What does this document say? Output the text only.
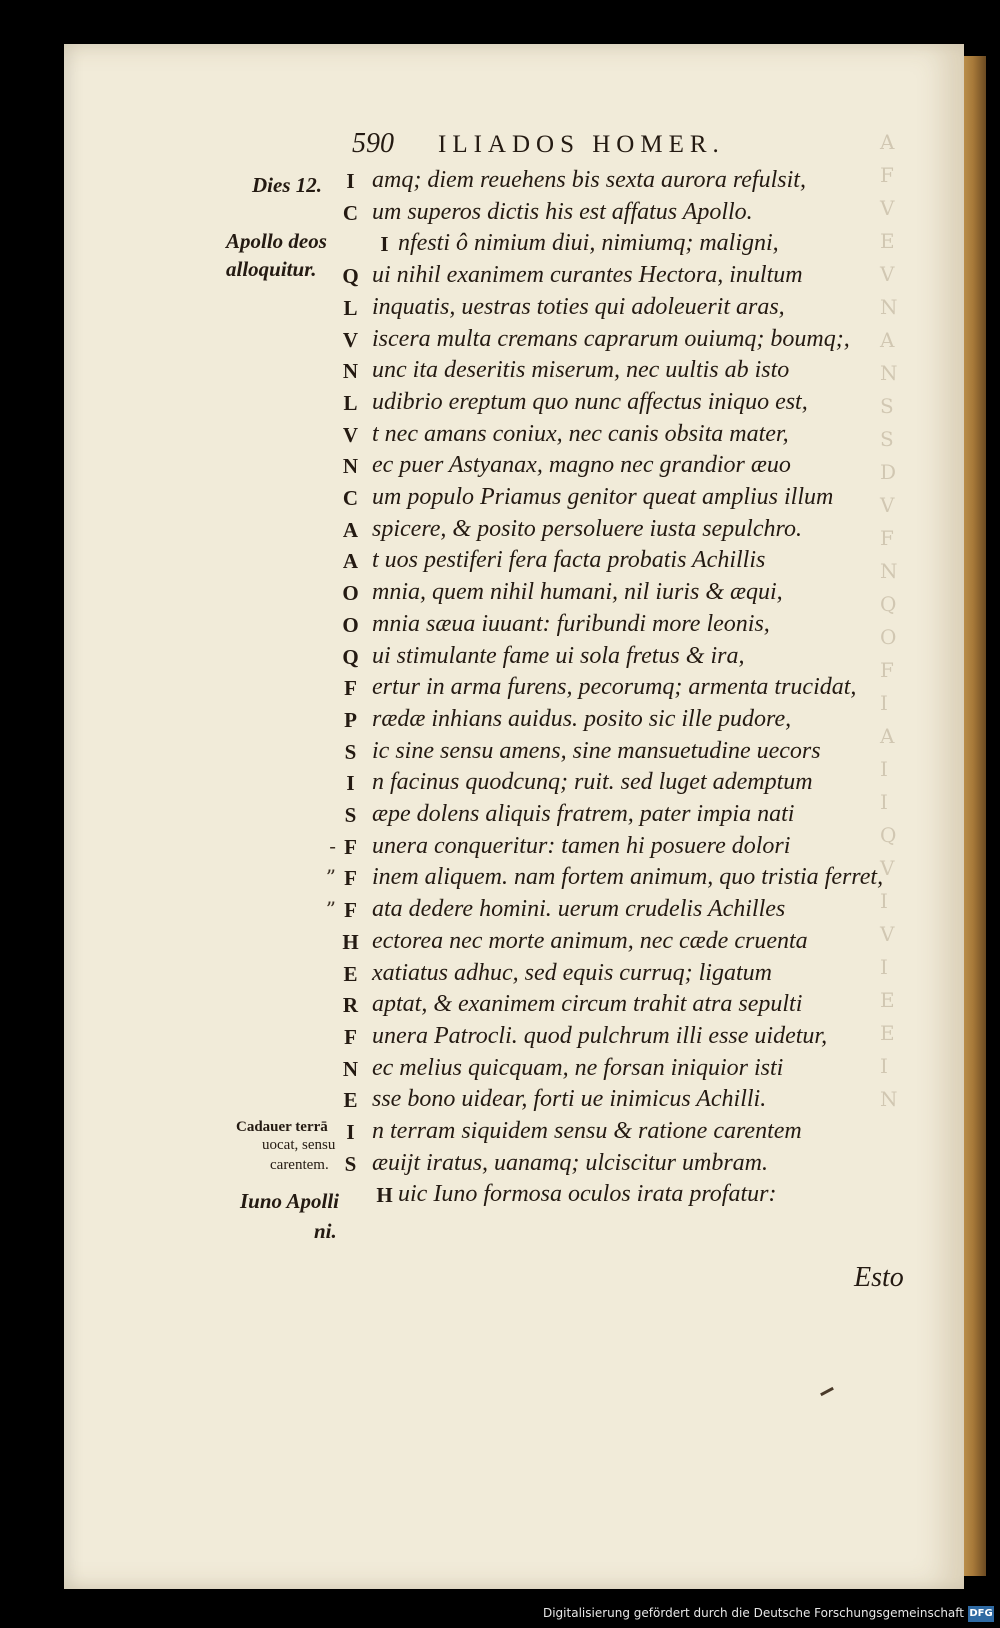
A
F
V
E
V
N
A
N
S
S
D
V
F
N
Q
O
F
I
A
I
I
Q
V
I
V
I
E
E
I
N
590 ILIADOS HOMER.
Dies 12.
Apollo deos
alloquitur.
Cadauer terrā
uocat, sensu
carentem.
Iuno Apolli
ni.
I amq; diem reuehens bis sexta aurora refulsit,
C um superos dictis his est affatus Apollo.
I nfesti ô nimium diui, nimiumq; maligni,
Q ui nihil exanimem curantes Hectora, inultum
L inquatis, uestras toties qui adoleuerit aras,
V iscera multa cremans caprarum ouiumq; boumq;,
N unc ita deseritis miserum, nec uultis ab isto
L udibrio ereptum quo nunc affectus iniquo est,
V t nec amans coniux, nec canis obsita mater,
N ec puer Astyanax, magno nec grandior æuo
C um populo Priamus genitor queat amplius illum
A spicere, & posito persoluere iusta sepulchro.
A t uos pestiferi fera facta probatis Achillis
O mnia, quem nihil humani, nil iuris & æqui,
O mnia sæua iuuant: furibundi more leonis,
Q ui stimulante fame ui sola fretus & ira,
F ertur in arma furens, pecorumq; armenta trucidat,
P rædæ inhians auidus. posito sic ille pudore,
S ic sine sensu amens, sine mansuetudine uecors
I n facinus quodcunq; ruit. sed luget ademptum
S æpe dolens aliquis fratrem, pater impia nati
- F unera conqueritur: tamen hi posuere dolori
” F inem aliquem. nam fortem animum, quo tristia ferret,
” F ata dedere homini. uerum crudelis Achilles
H ectorea nec morte animum, nec cæde cruenta
E xatiatus adhuc, sed equis curruq; ligatum
R aptat, & exanimem circum trahit atra sepulti
F unera Patrocli. quod pulchrum illi esse uidetur,
N ec melius quicquam, ne forsan iniquior isti
E sse bono uidear, forti ue inimicus Achilli.
I n terram siquidem sensu & ratione carentem
S æuijt iratus, uanamq; ulciscitur umbram.
H uic Iuno formosa oculos irata profatur:
Esto
Digitalisierung gefördert durch die Deutsche Forschungsgemeinschaft DFG
